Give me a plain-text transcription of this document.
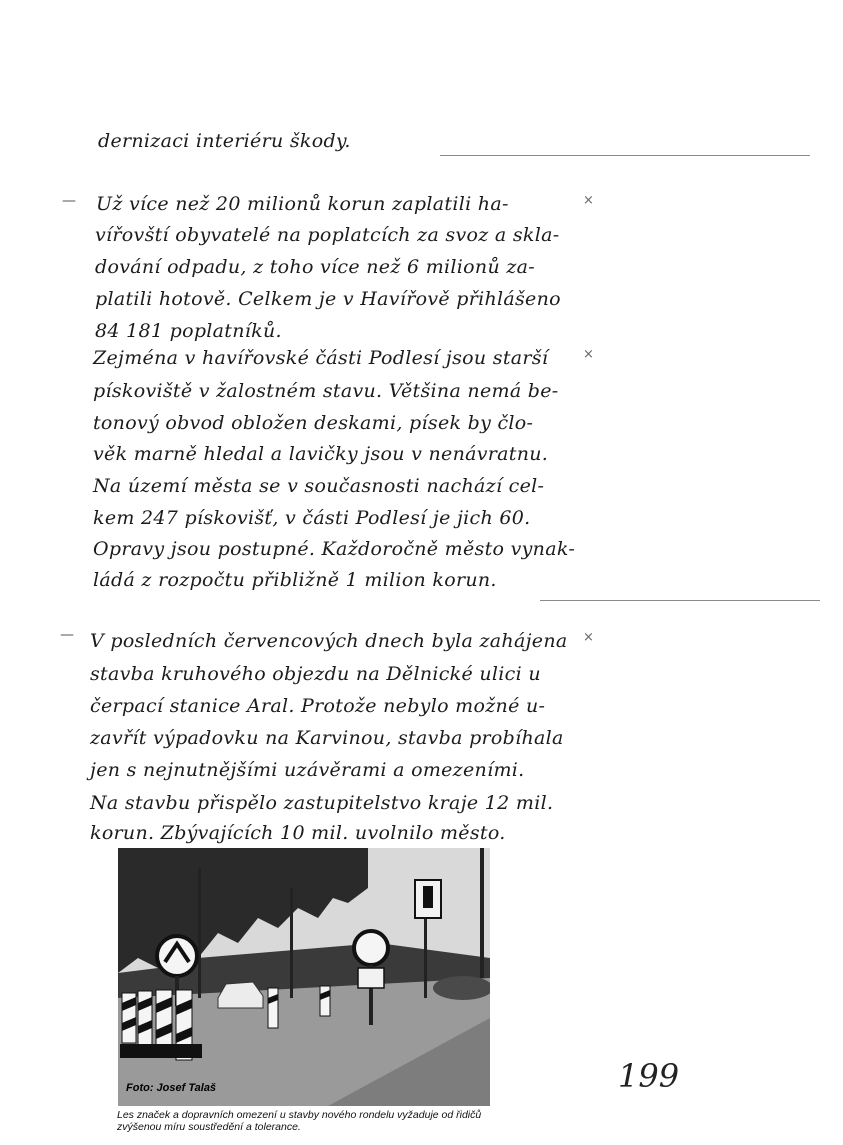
—
—
×
×
×
dernizaci interiéru škody.
Už více než 20 milionů korun zaplatili ha-
vířovští obyvatelé na poplatcích za svoz a skla-
dování odpadu, z toho více než 6 milionů za-
platili hotově. Celkem je v Havířově přihlášeno
84 181 poplatníků.
Zejména v havířovské části Podlesí jsou starší
pískoviště v žalostném stavu. Většina nemá be-
tonový obvod obložen deskami, písek by člo-
věk marně hledal a lavičky jsou v nenávratnu.
Na území města se v současnosti nachází cel-
kem 247 pískovišť, v části Podlesí je jich 60.
Opravy jsou postupné. Každoročně město vynak-
ládá z rozpočtu přibližně 1 milion korun.
V posledních červencových dnech byla zahájena
stavba kruhového objezdu na Dělnické ulici u
čerpací stanice Aral. Protože nebylo možné u-
zavřít výpadovku na Karvinou, stavba probíhala
jen s nejnutnějšími uzávěrami a omezeními.
Na stavbu přispělo zastupitelstvo kraje 12 mil.
korun. Zbývajících 10 mil. uvolnilo město.
Foto: Josef Talaš
Les značek a dopravních omezení u stavby nového rondelu vyžaduje od řidičů zvýšenou míru soustředění a tolerance.
199
